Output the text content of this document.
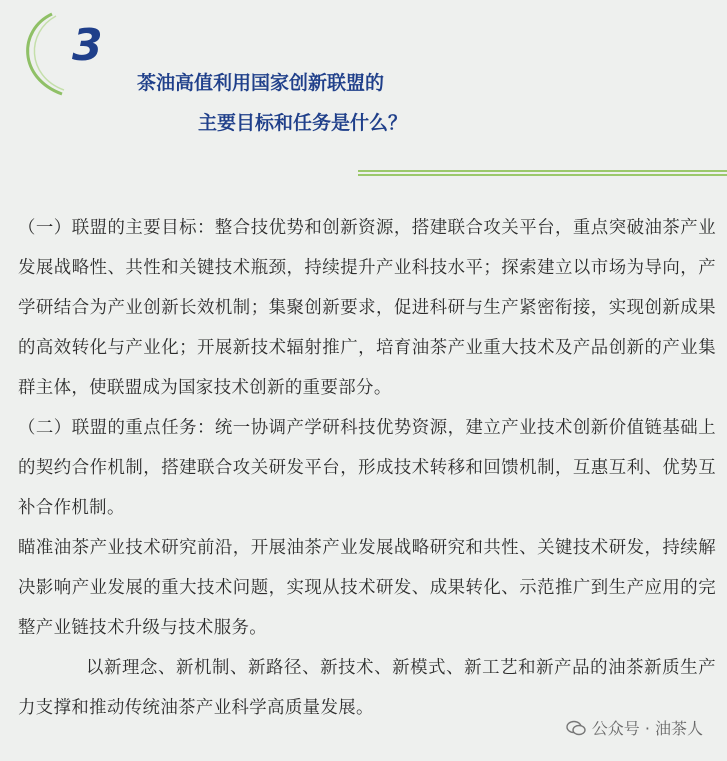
3
茶油高值利用国家创新联盟的
主要目标和任务是什么？

（一）联盟的主要目标：整合技优势和创新资源，搭建联合攻关平台，重点突破油茶产业发展战略性、共性和关键技术瓶颈，持续提升产业科技水平；探索建立以市场为导向，产学研结合为产业创新长效机制；集聚创新要求，促进科研与生产紧密衔接，实现创新成果的高效转化与产业化；开展新技术辐射推广，培育油茶产业重大技术及产品创新的产业集群主体，使联盟成为国家技术创新的重要部分。

（二）联盟的重点任务：统一协调产学研科技优势资源，建立产业技术创新价值链基础上的契约合作机制，搭建联合攻关研发平台，形成技术转移和回馈机制，互惠互利、优势互补合作机制。

瞄准油茶产业技术研究前沿，开展油茶产业发展战略研究和共性、关键技术研发，持续解决影响产业发展的重大技术问题，实现从技术研发、成果转化、示范推广到生产应用的完整产业链技术升级与技术服务。

以新理念、新机制、新路径、新技术、新模式、新工艺和新产品的油茶新质生产力支撑和推动传统油茶产业科学高质量发展。

公众号 · 油茶人
